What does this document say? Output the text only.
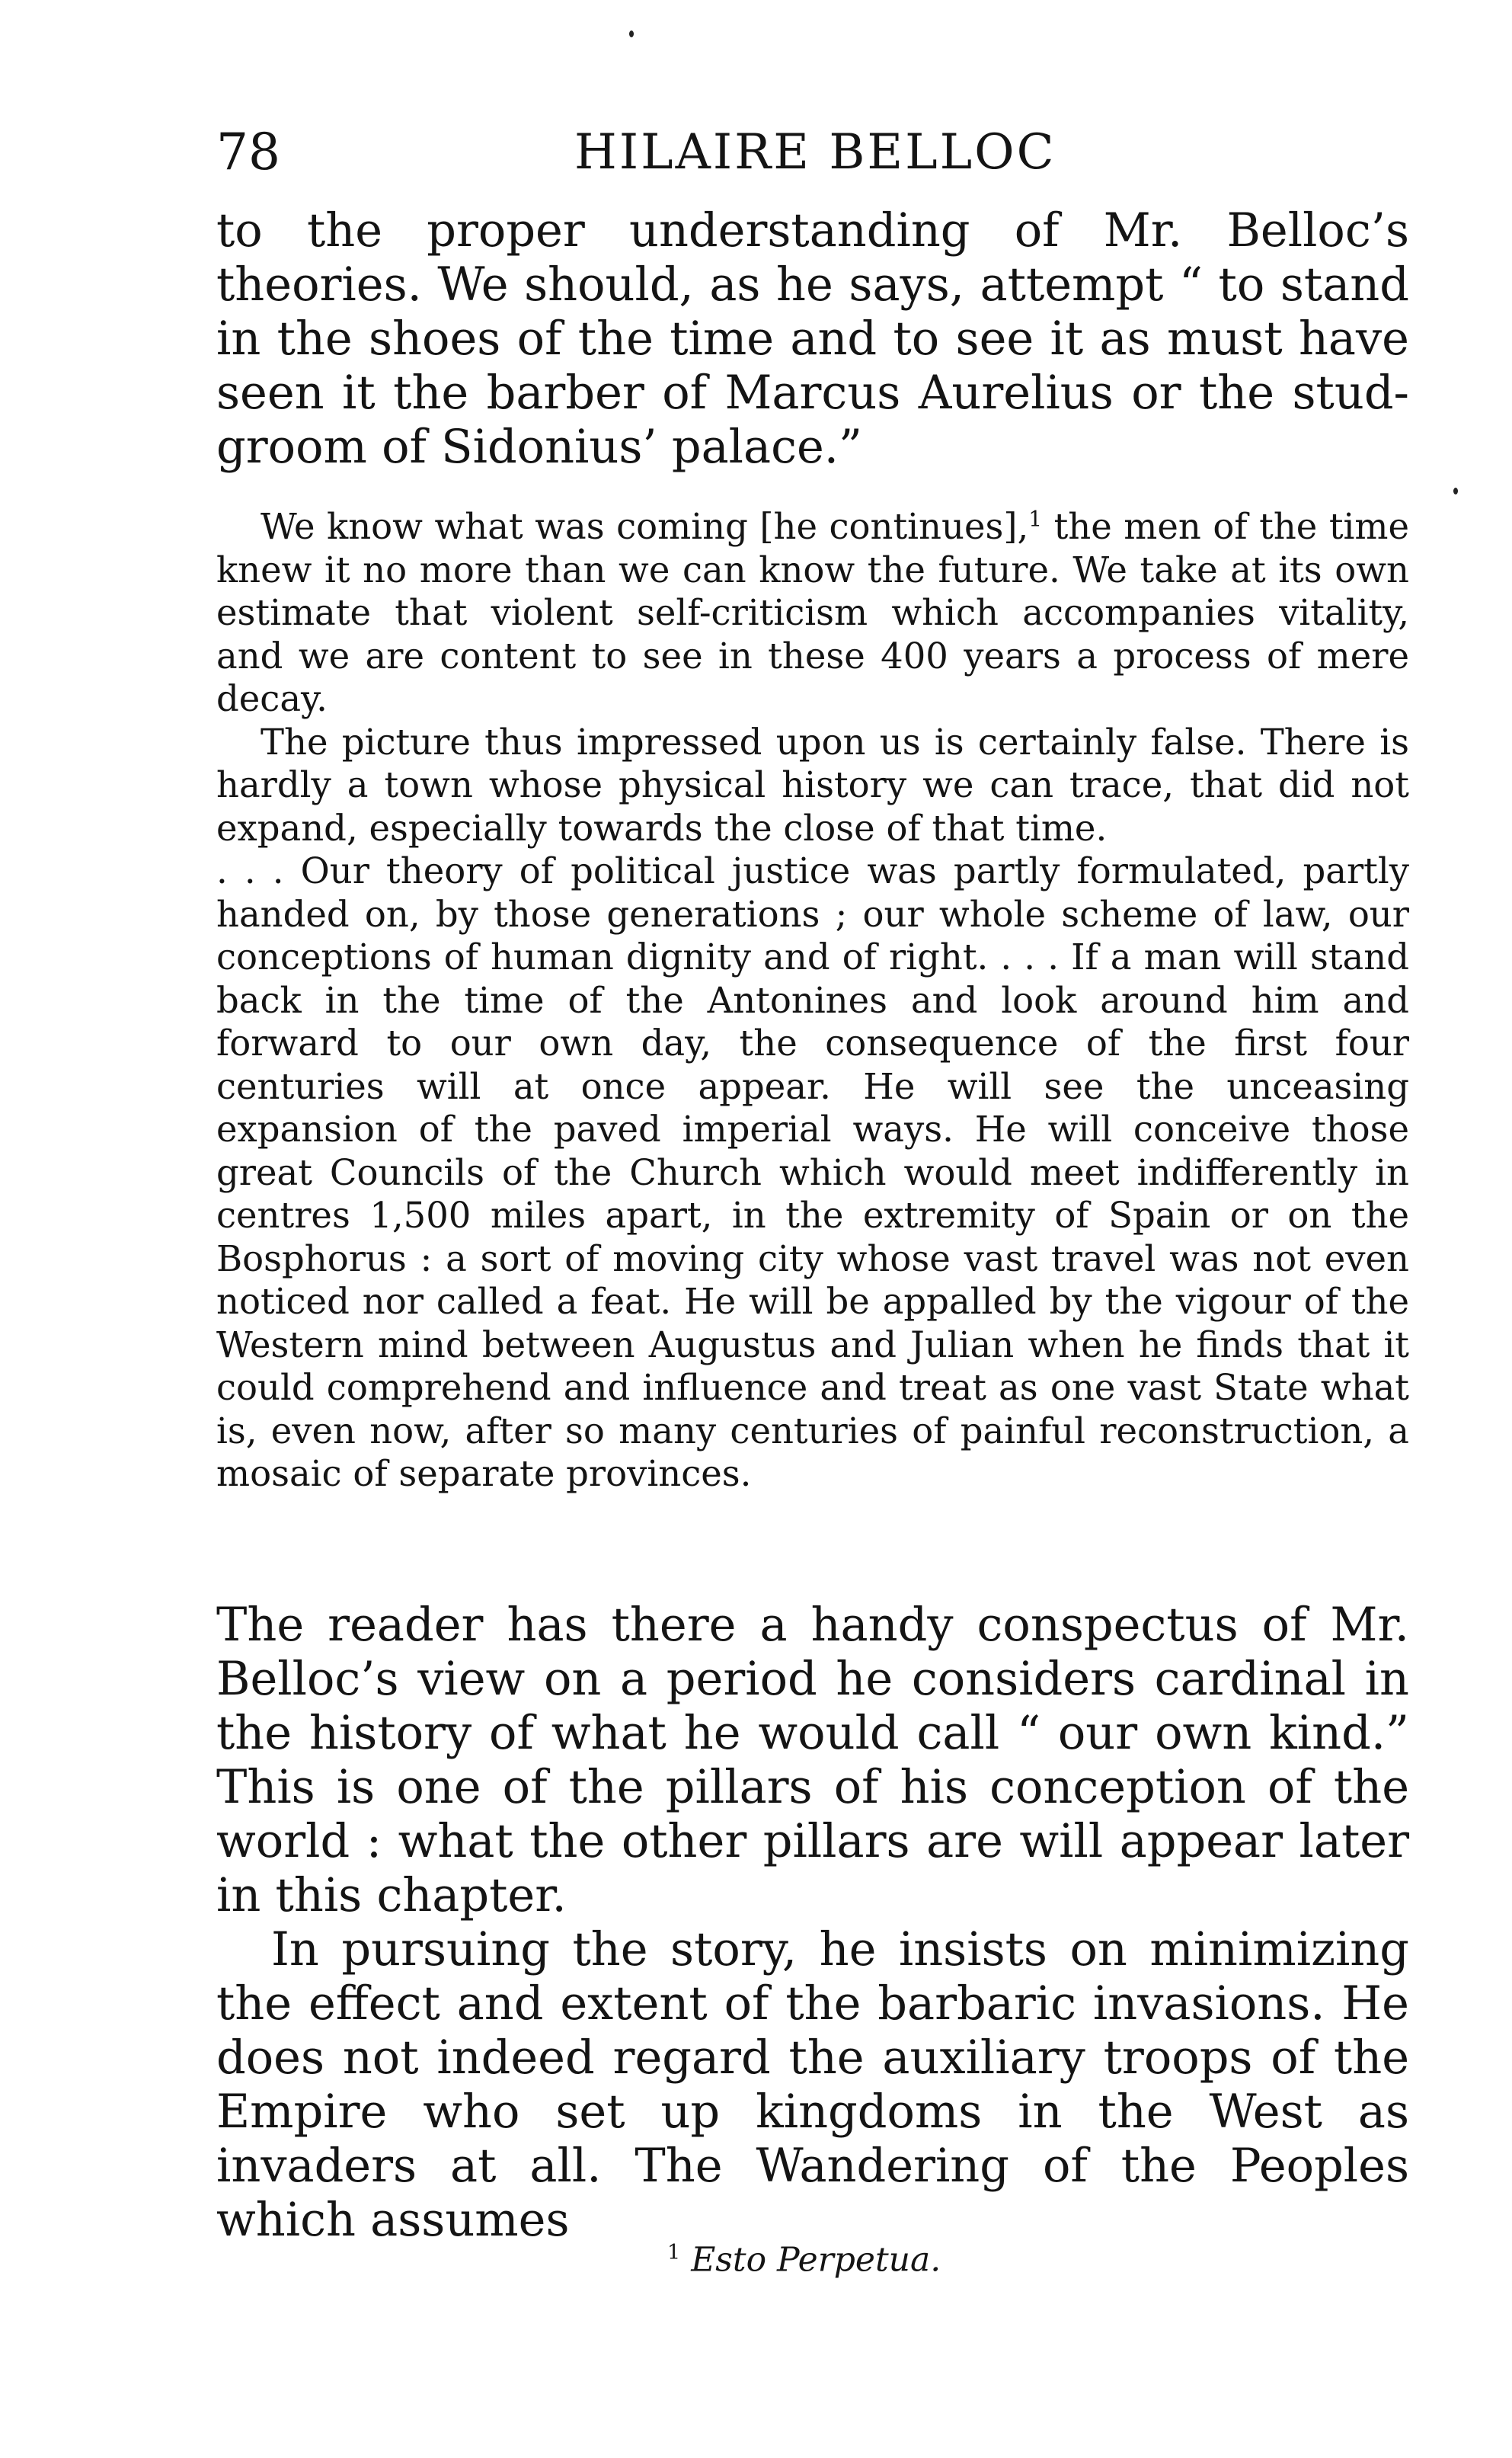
78	HILAIRE BELLOC

to the proper understanding of Mr. Belloc’s theories. We should, as he says, attempt “ to stand in the shoes of the time and to see it as must have seen it the barber of Marcus Aurelius or the stud-groom of Sidonius’ palace.”

We know what was coming [he continues],$^1$ the men of the time knew it no more than we can know the future. We take at its own estimate that violent self-criticism which accompanies vitality, and we are content to see in these 400 years a process of mere decay.

The picture thus impressed upon us is certainly false. There is hardly a town whose physical history we can trace, that did not expand, especially towards the close of that time.

. . . Our theory of political justice was partly formulated, partly handed on, by those generations ; our whole scheme of law, our conceptions of human dignity and of right. . . . If a man will stand back in the time of the Antonines and look around him and forward to our own day, the consequence of the first four centuries will at once appear. He will see the unceasing expansion of the paved imperial ways. He will conceive those great Councils of the Church which would meet indifferently in centres 1,500 miles apart, in the extremity of Spain or on the Bosphorus : a sort of moving city whose vast travel was not even noticed nor called a feat. He will be appalled by the vigour of the Western mind between Augustus and Julian when he finds that it could comprehend and influence and treat as one vast State what is, even now, after so many centuries of painful reconstruction, a mosaic of separate provinces.

The reader has there a handy conspectus of Mr. Belloc’s view on a period he considers cardinal in the history of what he would call “ our own kind.” This is one of the pillars of his conception of the world : what the other pillars are will appear later in this chapter.

In pursuing the story, he insists on minimizing the effect and extent of the barbaric invasions. He does not indeed regard the auxiliary troops of the Empire who set up kingdoms in the West as invaders at all. The Wandering of the Peoples which assumes

$^1$ Esto Perpetua.
